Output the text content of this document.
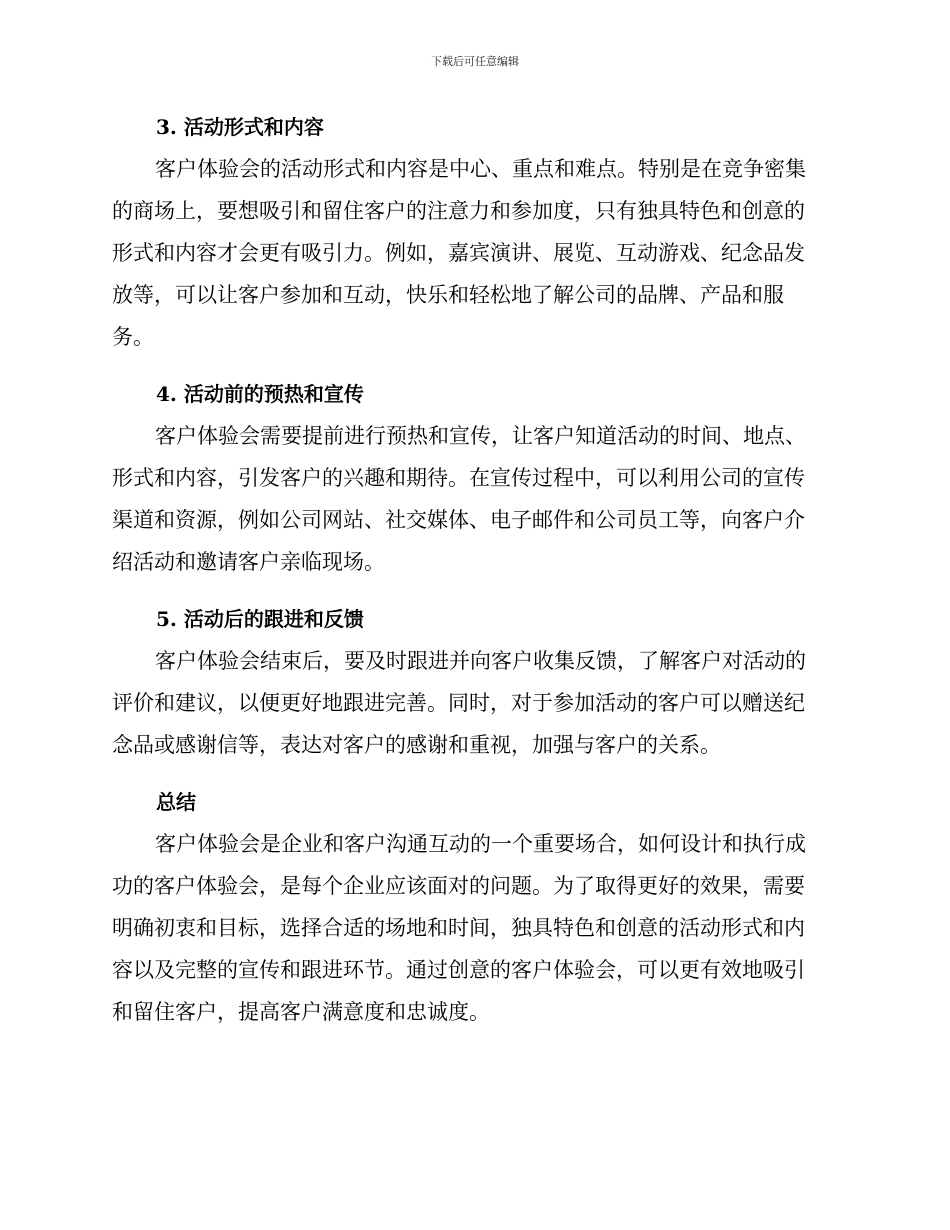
下载后可任意编辑
3. 活动形式和内容
客户体验会的活动形式和内容是中心、重点和难点。特别是在竞争密集
的商场上，要想吸引和留住客户的注意力和参加度，只有独具特色和创意的
形式和内容才会更有吸引力。例如，嘉宾演讲、展览、互动游戏、纪念品发
放等，可以让客户参加和互动，快乐和轻松地了解公司的品牌、产品和服
务。
4. 活动前的预热和宣传
客户体验会需要提前进行预热和宣传，让客户知道活动的时间、地点、
形式和内容，引发客户的兴趣和期待。在宣传过程中，可以利用公司的宣传
渠道和资源，例如公司网站、社交媒体、电子邮件和公司员工等，向客户介
绍活动和邀请客户亲临现场。
5. 活动后的跟进和反馈
客户体验会结束后，要及时跟进并向客户收集反馈，了解客户对活动的
评价和建议，以便更好地跟进完善。同时，对于参加活动的客户可以赠送纪
念品或感谢信等，表达对客户的感谢和重视，加强与客户的关系。
总结
客户体验会是企业和客户沟通互动的一个重要场合，如何设计和执行成
功的客户体验会，是每个企业应该面对的问题。为了取得更好的效果，需要
明确初衷和目标，选择合适的场地和时间，独具特色和创意的活动形式和内
容以及完整的宣传和跟进环节。通过创意的客户体验会，可以更有效地吸引
和留住客户，提高客户满意度和忠诚度。
